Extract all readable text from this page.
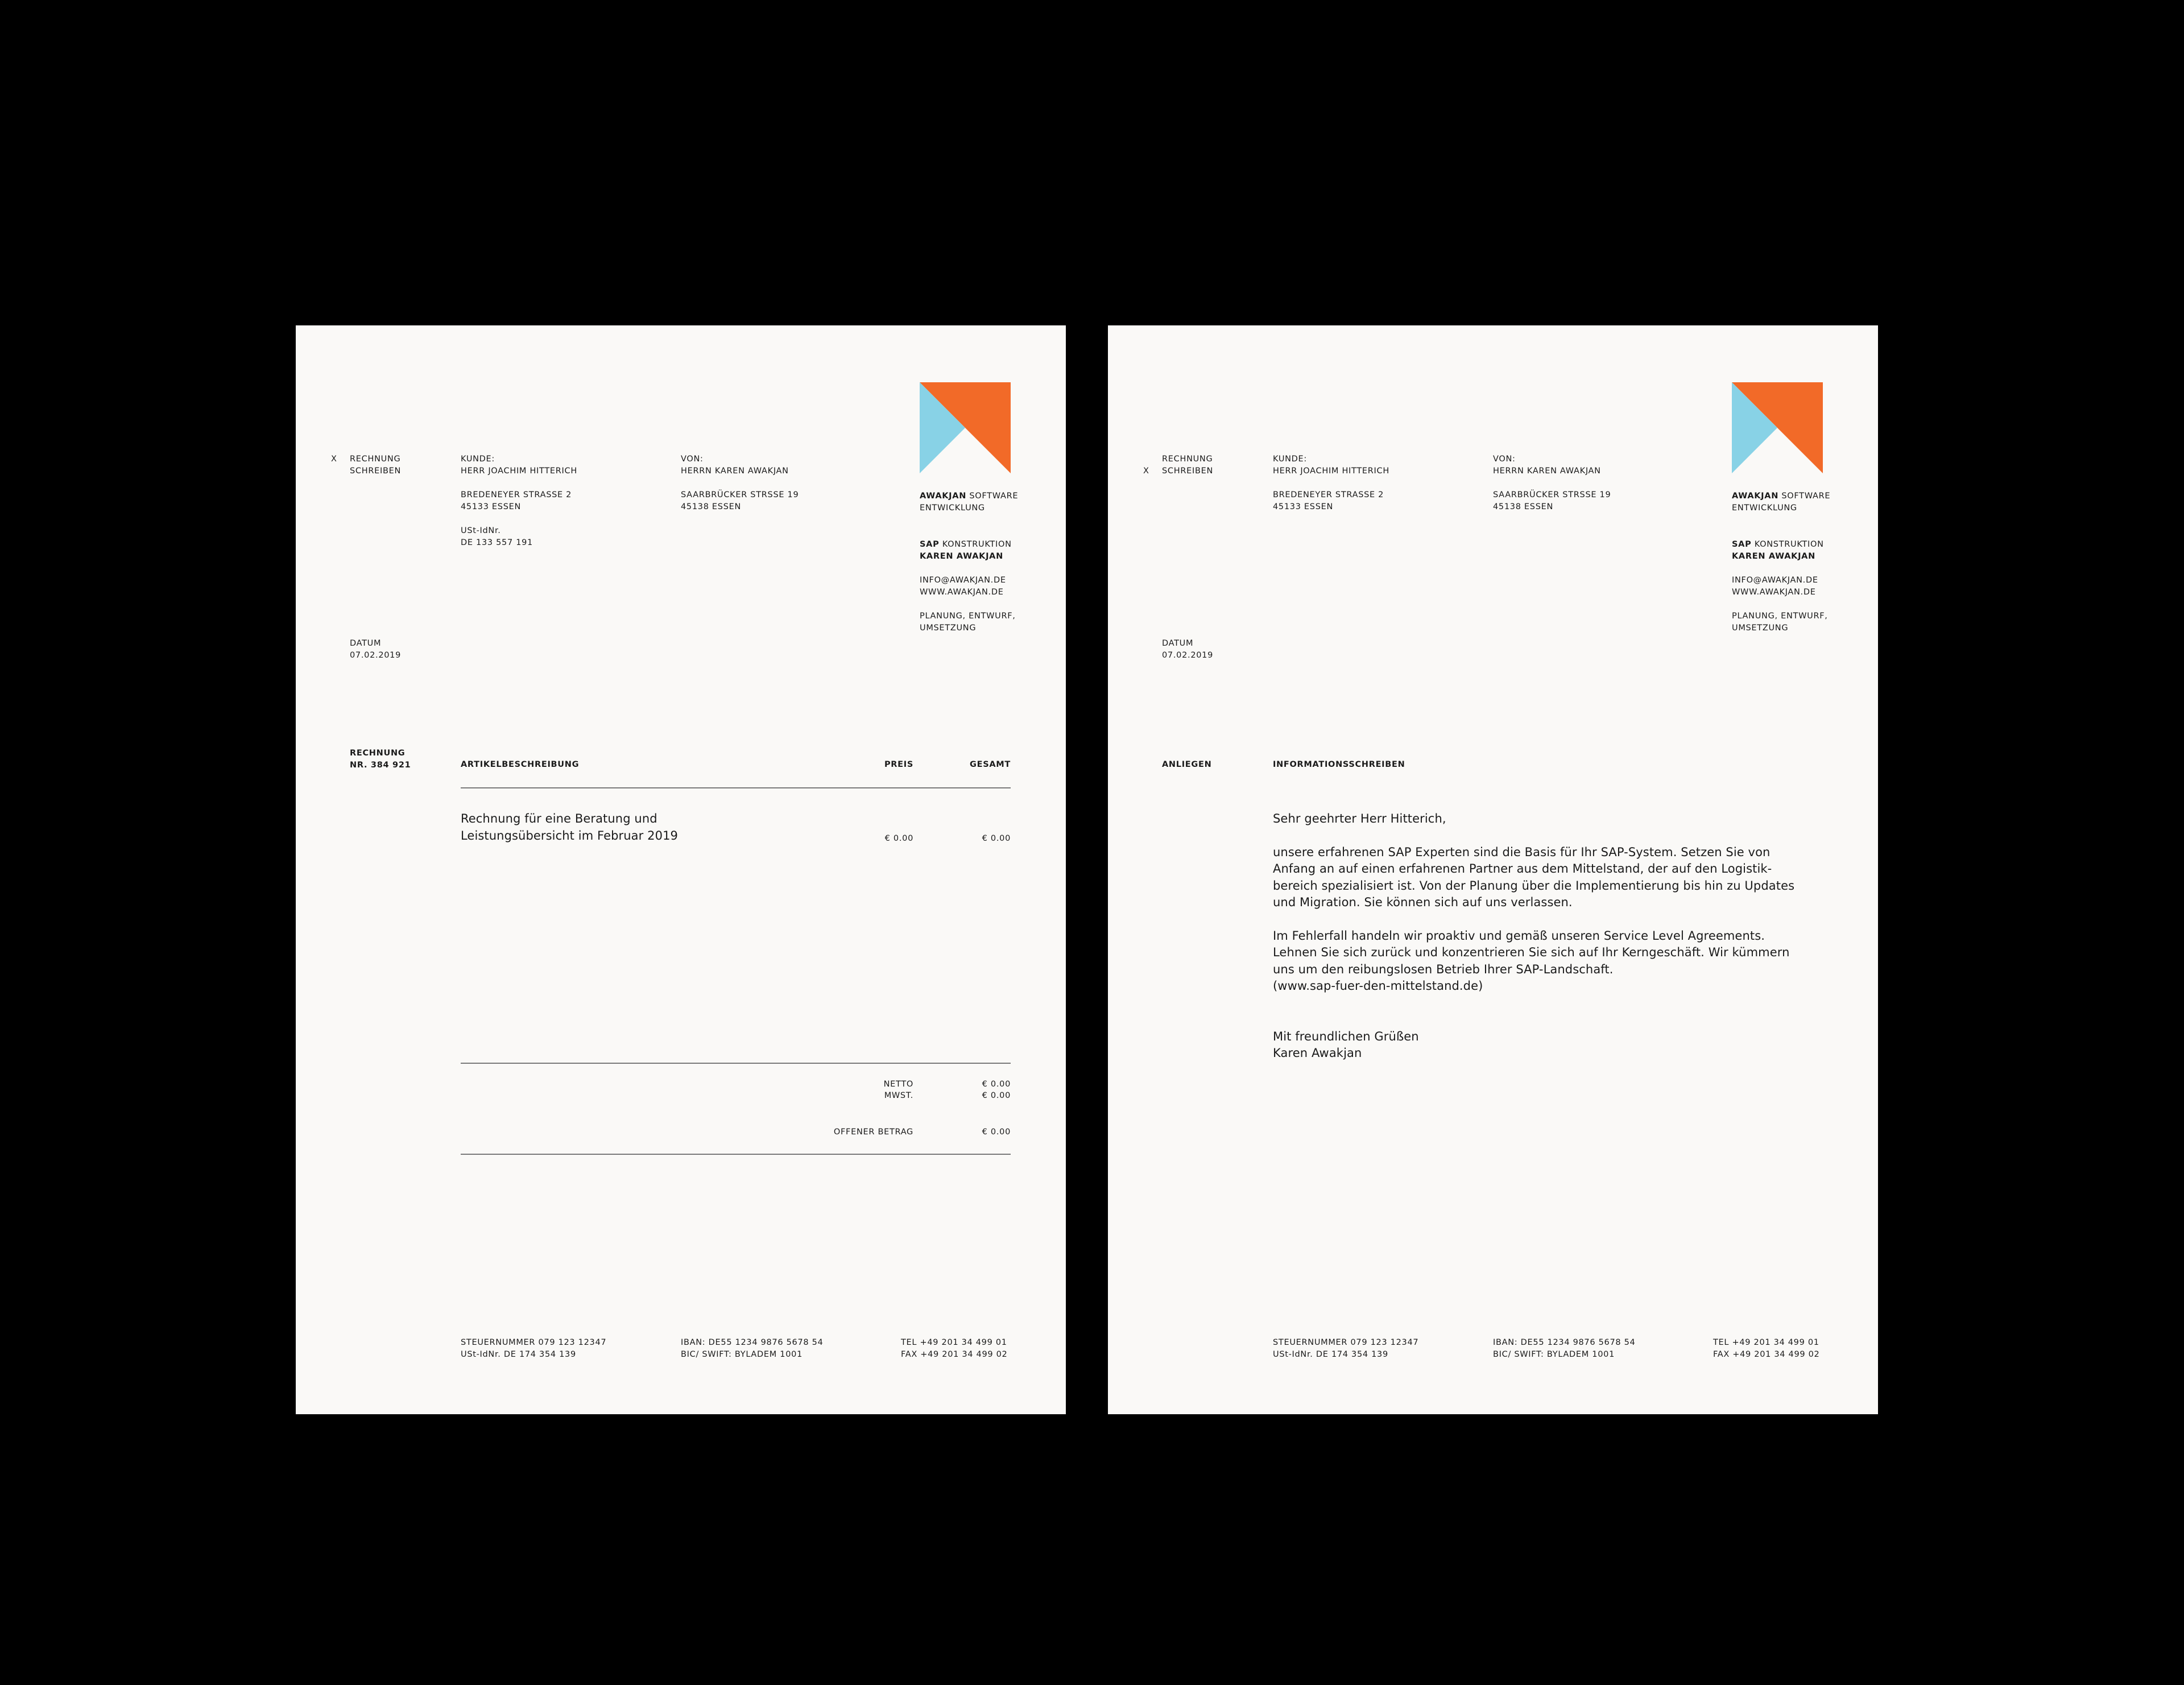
X RECHNUNG
SCHREIBEN
DATUM
07.02.2019
RECHNUNG
NR. 384 921
KUNDE:
HERR JOACHIM HITTERICH
BREDENEYER STRASSE 2
45133 ESSEN
USt-IdNr.
DE 133 557 191
VON:
HERRN KAREN AWAKJAN
SAARBRÜCKER STRSSE 19
45138 ESSEN
AWAKJAN SOFTWARE
ENTWICKLUNG
SAP KONSTRUKTION
KAREN AWAKJAN
INFO@AWAKJAN.DE
WWW.AWAKJAN.DE
PLANUNG, ENTWURF,
UMSETZUNG
ARTIKELBESCHREIBUNG	PREIS	GESAMT
Rechnung für eine Beratung und
Leistungsübersicht im Februar 2019	€ 0.00	€ 0.00
NETTO	€ 0.00
MWST.	€ 0.00
OFFENER BETRAG	€ 0.00
STEUERNUMMER 079 123 12347
USt-IdNr. DE 174 354 139
IBAN: DE55 1234 9876 5678 54
BIC/ SWIFT: BYLADEM 1001
TEL +49 201 34 499 01
FAX +49 201 34 499 02
RECHNUNG
SCHREIBEN
X
DATUM
07.02.2019
ANLIEGEN
KUNDE:
HERR JOACHIM HITTERICH
BREDENEYER STRASSE 2
45133 ESSEN
VON:
HERRN KAREN AWAKJAN
SAARBRÜCKER STRSSE 19
45138 ESSEN
AWAKJAN SOFTWARE
ENTWICKLUNG
SAP KONSTRUKTION
KAREN AWAKJAN
INFO@AWAKJAN.DE
WWW.AWAKJAN.DE
PLANUNG, ENTWURF,
UMSETZUNG
INFORMATIONSSCHREIBEN
Sehr geehrter Herr Hitterich,
unsere erfahrenen SAP Experten sind die Basis für Ihr SAP-System. Setzen Sie von
Anfang an auf einen erfahrenen Partner aus dem Mittelstand, der auf den Logistik-
bereich spezialisiert ist. Von der Planung über die Implementierung bis hin zu Updates
und Migration. Sie können sich auf uns verlassen.
Im Fehlerfall handeln wir proaktiv und gemäß unseren Service Level Agreements.
Lehnen Sie sich zurück und konzentrieren Sie sich auf Ihr Kerngeschäft. Wir kümmern
uns um den reibungslosen Betrieb Ihrer SAP-Landschaft.
(www.sap-fuer-den-mittelstand.de)
Mit freundlichen Grüßen
Karen Awakjan
STEUERNUMMER 079 123 12347
USt-IdNr. DE 174 354 139
IBAN: DE55 1234 9876 5678 54
BIC/ SWIFT: BYLADEM 1001
TEL +49 201 34 499 01
FAX +49 201 34 499 02
